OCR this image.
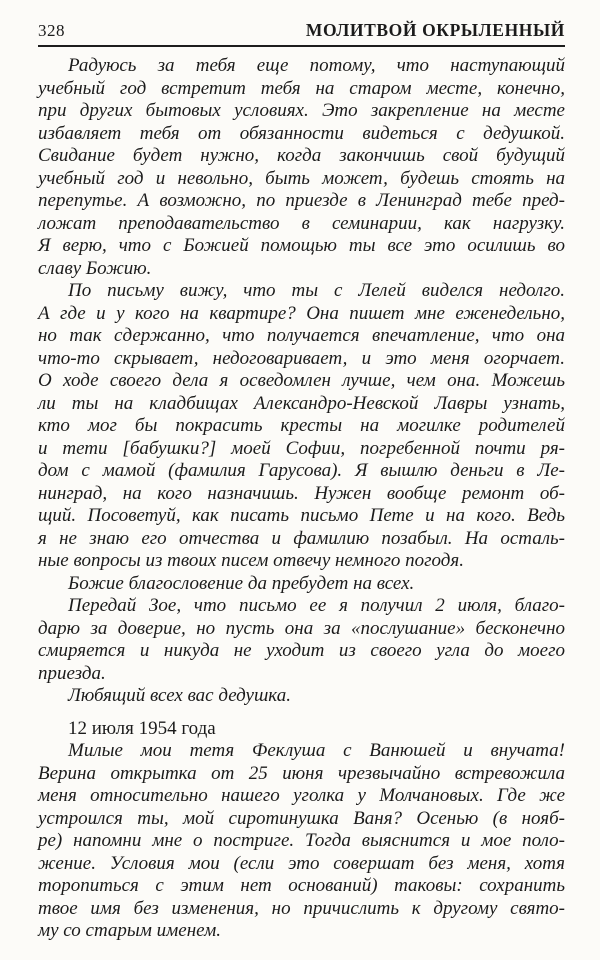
328	МОЛИТВОЙ ОКРЫЛЕННЫЙ
Радуюсь за тебя еще потому, что наступающий
учебный год встретит тебя на старом месте, конечно,
при других бытовых условиях. Это закрепление на месте
избавляет тебя от обязанности видеться с дедушкой.
Свидание будет нужно, когда закончишь свой будущий
учебный год и невольно, быть может, будешь стоять на
перепутье. А возможно, по приезде в Ленинград тебе пред-
ложат преподавательство в семинарии, как нагрузку.
Я верю, что с Божией помощью ты все это осилишь во
славу Божию.
По письму вижу, что ты с Лелей виделся недолго.
А где и у кого на квартире? Она пишет мне еженедельно,
но так сдержанно, что получается впечатление, что она
что-то скрывает, недоговаривает, и это меня огорчает.
О ходе своего дела я осведомлен лучше, чем она. Можешь
ли ты на кладбищах Александро-Невской Лавры узнать,
кто мог бы покрасить кресты на могилке родителей
и тети [бабушки?] моей Софии, погребенной почти ря-
дом с мамой (фамилия Гарусова). Я вышлю деньги в Ле-
нинград, на кого назначишь. Нужен вообще ремонт об-
щий. Посоветуй, как писать письмо Пете и на кого. Ведь
я не знаю его отчества и фамилию позабыл. На осталь-
ные вопросы из твоих писем отвечу немного погодя.
Божие благословение да пребудет на всех.
Передай Зое, что письмо ее я получил 2 июля, благо-
дарю за доверие, но пусть она за «послушание» бесконечно
смиряется и никуда не уходит из своего угла до моего
приезда.
Любящий всех вас дедушка.
12 июля 1954 года
Милые мои тетя Феклуша с Ванюшей и внучата!
Верина открытка от 25 июня чрезвычайно встревожила
меня относительно нашего уголка у Молчановых. Где же
устроился ты, мой сиротинушка Ваня? Осенью (в нояб-
ре) напомни мне о постриге. Тогда выяснится и мое поло-
жение. Условия мои (если это совершат без меня, хотя
торопиться с этим нет оснований) таковы: сохранить
твое имя без изменения, но причислить к другому свято-
му со старым именем.
